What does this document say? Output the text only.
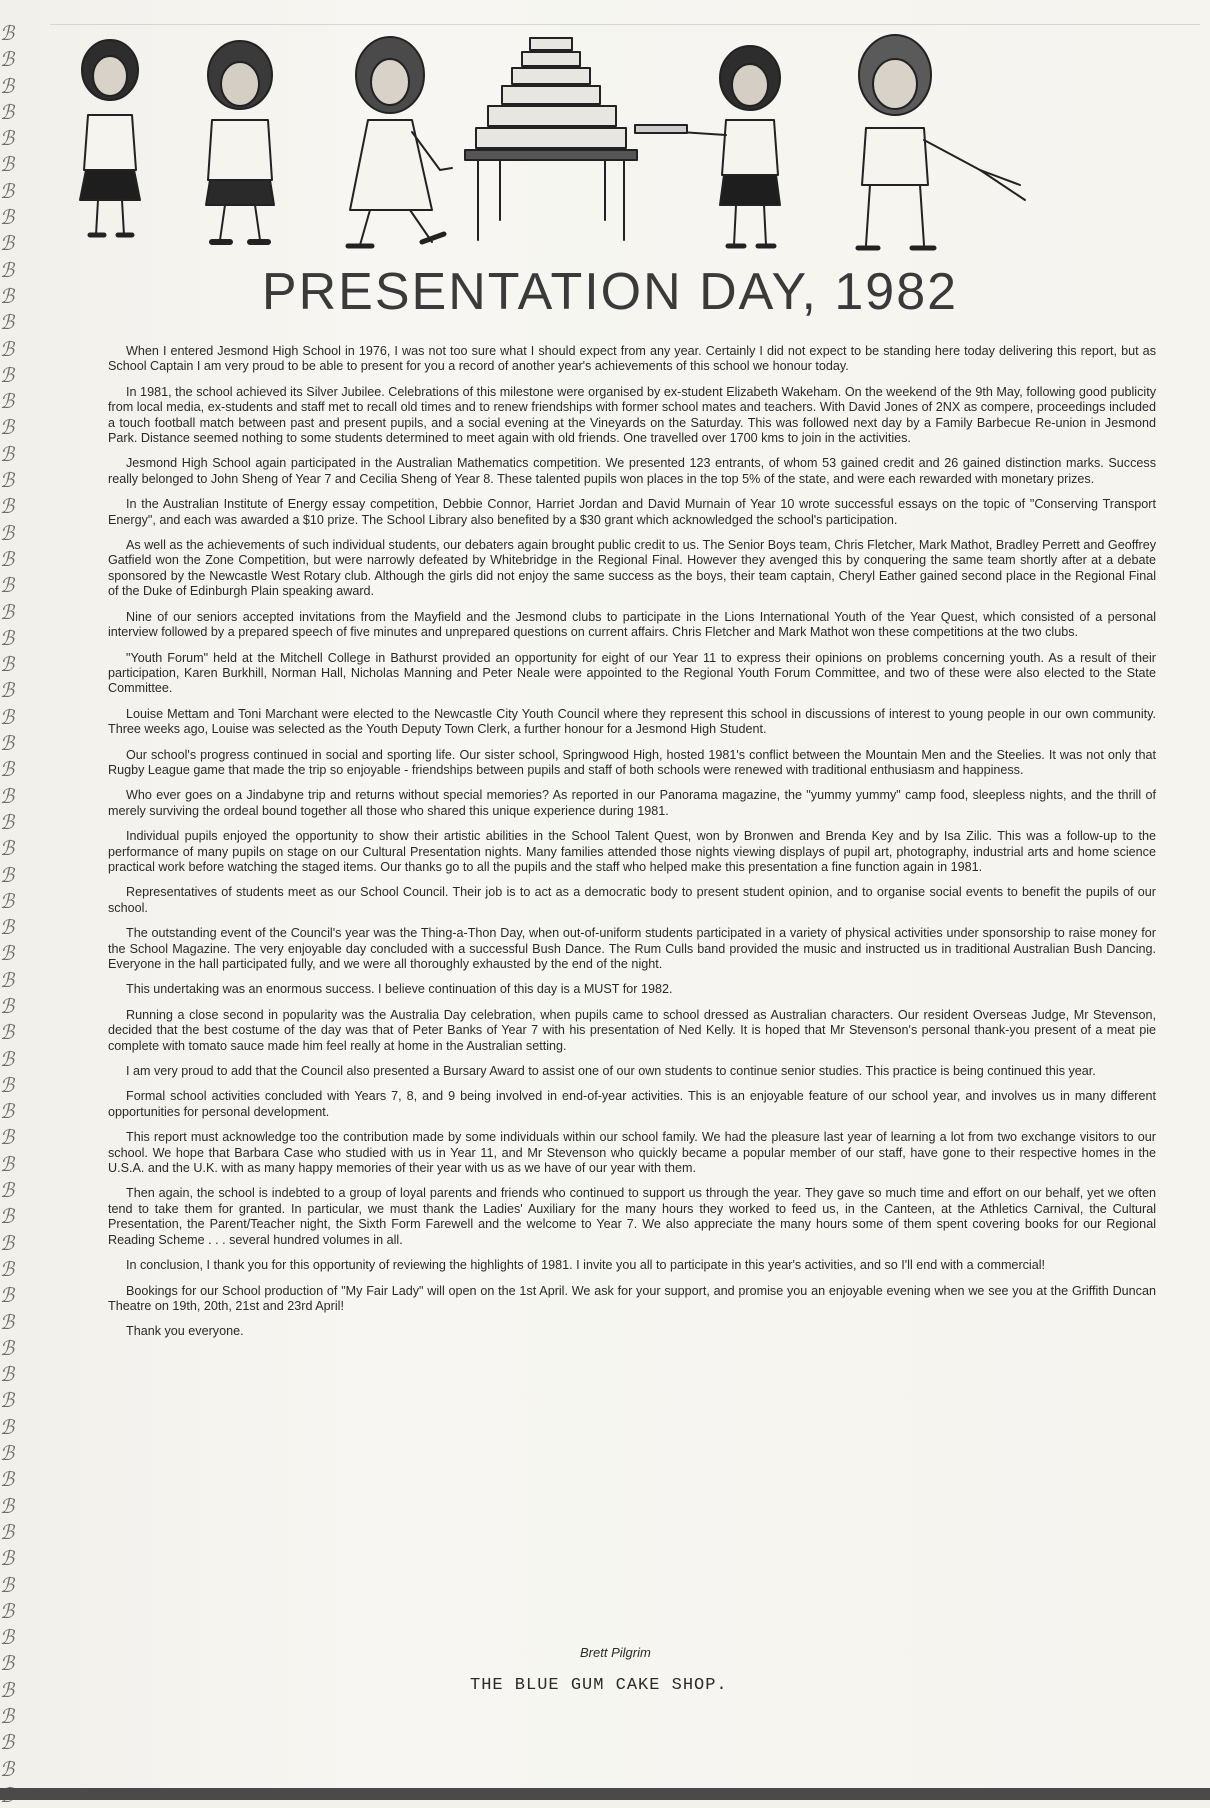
ℬ
ℬ
ℬ
ℬ
ℬ
ℬ
ℬ
ℬ
ℬ
ℬ
ℬ
ℬ
ℬ
ℬ
ℬ
ℬ
ℬ
ℬ
ℬ
ℬ
ℬ
ℬ
ℬ
ℬ
ℬ
ℬ
ℬ
ℬ
ℬ
ℬ
ℬ
ℬ
ℬ
ℬ
ℬ
ℬ
ℬ
ℬ
ℬ
ℬ
ℬ
ℬ
ℬ
ℬ
ℬ
ℬ
ℬ
ℬ
ℬ
ℬ
ℬ
ℬ
ℬ
ℬ
ℬ
ℬ
ℬ
ℬ
ℬ
ℬ
ℬ
ℬ
ℬ
ℬ
ℬ
ℬ
ℬ

PRESENTATION DAY, 1982

When I entered Jesmond High School in 1976, I was not too sure what I should expect from any year. Certainly I did not expect to be standing here today delivering this report, but as School Captain I am very proud to be able to present for you a record of another year's achievements of this school we honour today.

In 1981, the school achieved its Silver Jubilee. Celebrations of this milestone were organised by ex-student Elizabeth Wakeham. On the weekend of the 9th May, following good publicity from local media, ex-students and staff met to recall old times and to renew friendships with former school mates and teachers. With David Jones of 2NX as compere, proceedings included a touch football match between past and present pupils, and a social evening at the Vineyards on the Saturday. This was followed next day by a Family Barbecue Re-union in Jesmond Park. Distance seemed nothing to some students determined to meet again with old friends. One travelled over 1700 kms to join in the activities.

Jesmond High School again participated in the Australian Mathematics competition. We presented 123 entrants, of whom 53 gained credit and 26 gained distinction marks. Success really belonged to John Sheng of Year 7 and Cecilia Sheng of Year 8. These talented pupils won places in the top 5% of the state, and were each rewarded with monetary prizes.

In the Australian Institute of Energy essay competition, Debbie Connor, Harriet Jordan and David Murnain of Year 10 wrote successful essays on the topic of "Conserving Transport Energy", and each was awarded a $10 prize. The School Library also benefited by a $30 grant which acknowledged the school's participation.

As well as the achievements of such individual students, our debaters again brought public credit to us. The Senior Boys team, Chris Fletcher, Mark Mathot, Bradley Perrett and Geoffrey Gatfield won the Zone Competition, but were narrowly defeated by Whitebridge in the Regional Final. However they avenged this by conquering the same team shortly after at a debate sponsored by the Newcastle West Rotary club. Although the girls did not enjoy the same success as the boys, their team captain, Cheryl Eather gained second place in the Regional Final of the Duke of Edinburgh Plain speaking award.

Nine of our seniors accepted invitations from the Mayfield and the Jesmond clubs to participate in the Lions International Youth of the Year Quest, which consisted of a personal interview followed by a prepared speech of five minutes and unprepared questions on current affairs. Chris Fletcher and Mark Mathot won these competitions at the two clubs.

"Youth Forum" held at the Mitchell College in Bathurst provided an opportunity for eight of our Year 11 to express their opinions on problems concerning youth. As a result of their participation, Karen Burkhill, Norman Hall, Nicholas Manning and Peter Neale were appointed to the Regional Youth Forum Committee, and two of these were also elected to the State Committee.

Louise Mettam and Toni Marchant were elected to the Newcastle City Youth Council where they represent this school in discussions of interest to young people in our own community. Three weeks ago, Louise was selected as the Youth Deputy Town Clerk, a further honour for a Jesmond High Student.

Our school's progress continued in social and sporting life. Our sister school, Springwood High, hosted 1981's conflict between the Mountain Men and the Steelies. It was not only that Rugby League game that made the trip so enjoyable - friendships between pupils and staff of both schools were renewed with traditional enthusiasm and happiness.

Who ever goes on a Jindabyne trip and returns without special memories? As reported in our Panorama magazine, the "yummy yummy" camp food, sleepless nights, and the thrill of merely surviving the ordeal bound together all those who shared this unique experience during 1981.

Individual pupils enjoyed the opportunity to show their artistic abilities in the School Talent Quest, won by Bronwen and Brenda Key and by Isa Zilic. This was a follow-up to the performance of many pupils on stage on our Cultural Presentation nights. Many families attended those nights viewing displays of pupil art, photography, industrial arts and home science practical work before watching the staged items. Our thanks go to all the pupils and the staff who helped make this presentation a fine function again in 1981.

Representatives of students meet as our School Council. Their job is to act as a democratic body to present student opinion, and to organise social events to benefit the pupils of our school.

The outstanding event of the Council's year was the Thing-a-Thon Day, when out-of-uniform students participated in a variety of physical activities under sponsorship to raise money for the School Magazine. The very enjoyable day concluded with a successful Bush Dance. The Rum Culls band provided the music and instructed us in traditional Australian Bush Dancing. Everyone in the hall participated fully, and we were all thoroughly exhausted by the end of the night.

This undertaking was an enormous success. I believe continuation of this day is a MUST for 1982.

Running a close second in popularity was the Australia Day celebration, when pupils came to school dressed as Australian characters. Our resident Overseas Judge, Mr Stevenson, decided that the best costume of the day was that of Peter Banks of Year 7 with his presentation of Ned Kelly. It is hoped that Mr Stevenson's personal thank-you present of a meat pie complete with tomato sauce made him feel really at home in the Australian setting.

I am very proud to add that the Council also presented a Bursary Award to assist one of our own students to continue senior studies. This practice is being continued this year.

Formal school activities concluded with Years 7, 8, and 9 being involved in end-of-year activities. This is an enjoyable feature of our school year, and involves us in many different opportunities for personal development.

This report must acknowledge too the contribution made by some individuals within our school family. We had the pleasure last year of learning a lot from two exchange visitors to our school. We hope that Barbara Case who studied with us in Year 11, and Mr Stevenson who quickly became a popular member of our staff, have gone to their respective homes in the U.S.A. and the U.K. with as many happy memories of their year with us as we have of our year with them.

Then again, the school is indebted to a group of loyal parents and friends who continued to support us through the year. They gave so much time and effort on our behalf, yet we often tend to take them for granted. In particular, we must thank the Ladies' Auxiliary for the many hours they worked to feed us, in the Canteen, at the Athletics Carnival, the Cultural Presentation, the Parent/Teacher night, the Sixth Form Farewell and the welcome to Year 7. We also appreciate the many hours some of them spent covering books for our Regional Reading Scheme . . . several hundred volumes in all.

In conclusion, I thank you for this opportunity of reviewing the highlights of 1981. I invite you all to participate in this year's activities, and so I'll end with a commercial!

Bookings for our School production of "My Fair Lady" will open on the 1st April. We ask for your support, and promise you an enjoyable evening when we see you at the Griffith Duncan Theatre on 19th, 20th, 21st and 23rd April!

Thank you everyone.

Brett Pilgrim
THE BLUE GUM CAKE SHOP.
